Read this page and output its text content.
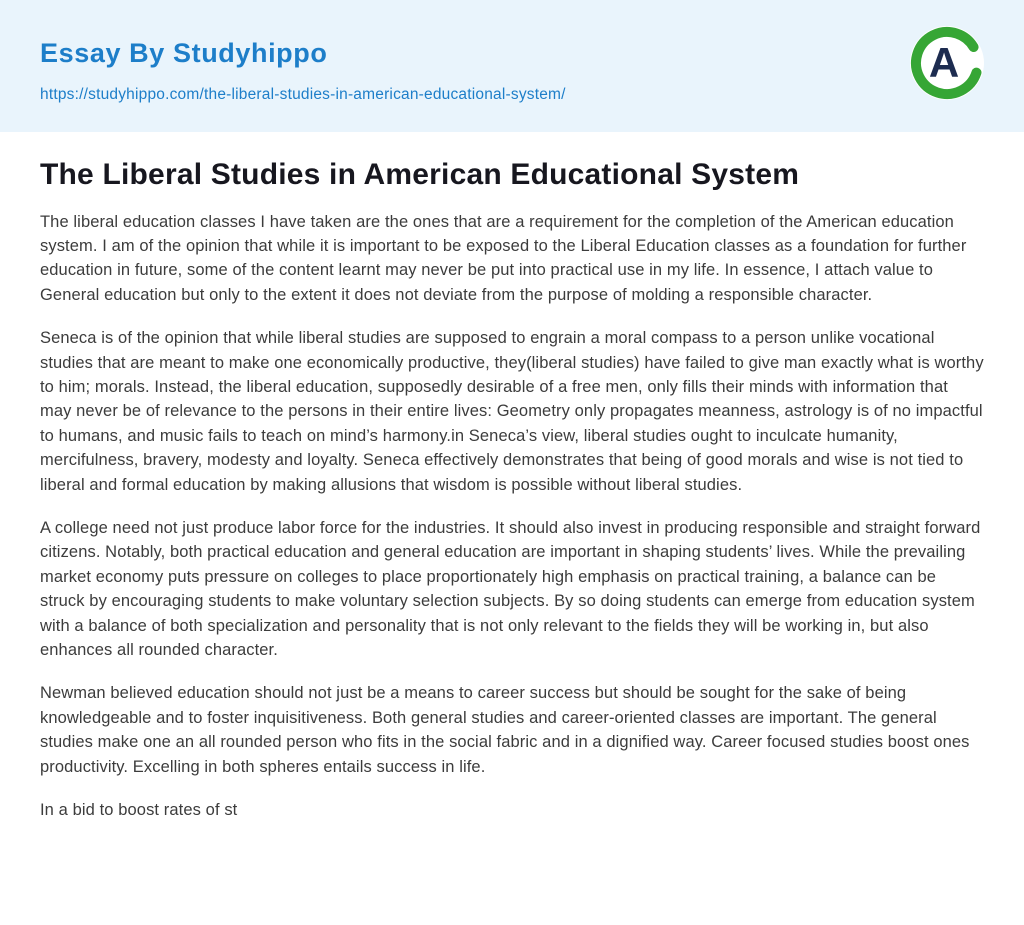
Essay By Studyhippo
https://studyhippo.com/the-liberal-studies-in-american-educational-system/
A
The Liberal Studies in American Educational System

The liberal education classes I have taken are the ones that are a requirement for the completion of the American education system. I am of the opinion that while it is important to be exposed to the Liberal Education classes as a foundation for further education in future, some of the content learnt may never be put into practical use in my life. In essence, I attach value to General education but only to the extent it does not deviate from the purpose of molding a responsible character.

Seneca is of the opinion that while liberal studies are supposed to engrain a moral compass to a person unlike vocational studies that are meant to make one economically productive, they(liberal studies) have failed to give man exactly what is worthy to him; morals. Instead, the liberal education, supposedly desirable of a free men, only fills their minds with information that may never be of relevance to the persons in their entire lives: Geometry only propagates meanness, astrology is of no impactful to humans, and music fails to teach on mind’s harmony.in Seneca’s view, liberal studies ought to inculcate humanity, mercifulness, bravery, modesty and loyalty. Seneca effectively demonstrates that being of good morals and wise is not tied to liberal and formal education by making allusions that wisdom is possible without liberal studies.

A college need not just produce labor force for the industries. It should also invest in producing responsible and straight forward citizens. Notably, both practical education and general education are important in shaping students’ lives. While the prevailing market economy puts pressure on colleges to place proportionately high emphasis on practical training, a balance can be struck by encouraging students to make voluntary selection subjects. By so doing students can emerge from education system with a balance of both specialization and personality that is not only relevant to the fields they will be working in, but also enhances all rounded character.

Newman believed education should not just be a means to career success but should be sought for the sake of being knowledgeable and to foster inquisitiveness. Both general studies and career-oriented classes are important. The general studies make one an all rounded person who fits in the social fabric and in a dignified way. Career focused studies boost ones productivity. Excelling in both spheres entails success in life.

In a bid to boost rates of st
